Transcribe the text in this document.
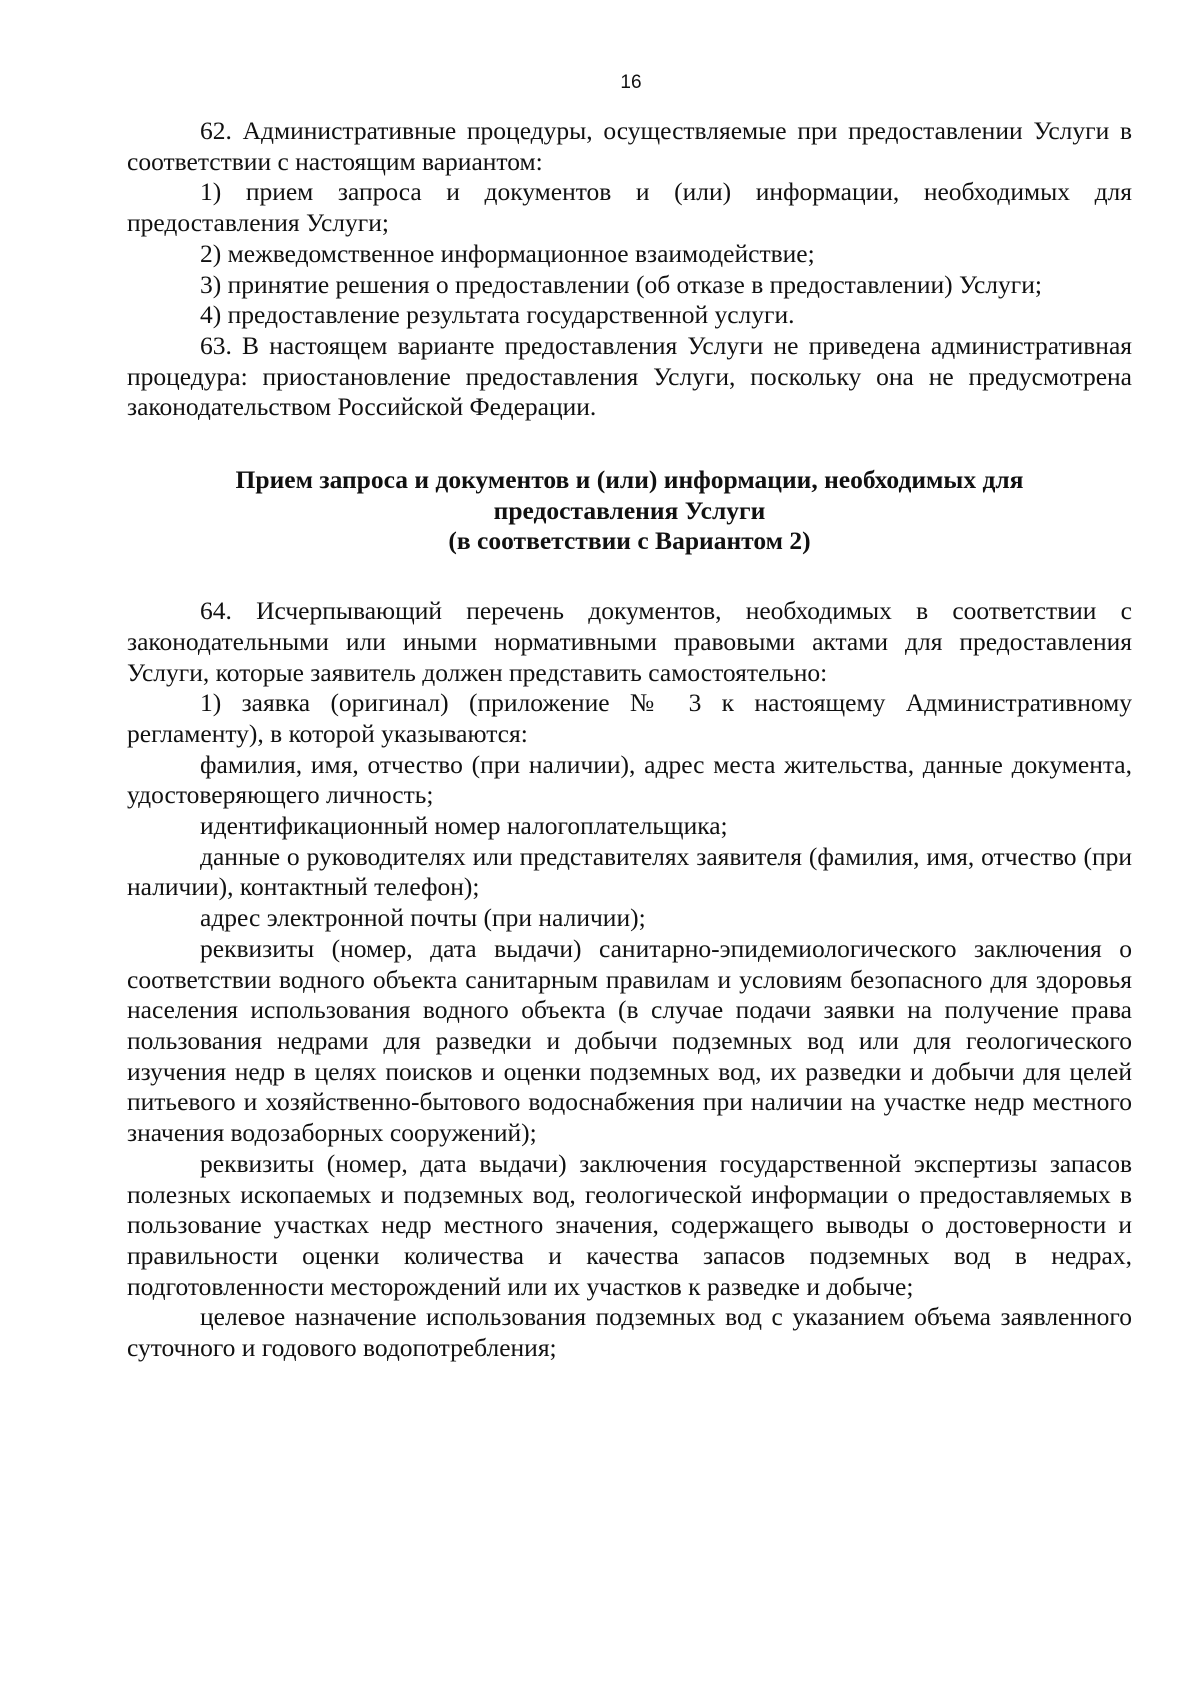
16

62. Административные процедуры, осуществляемые при предоставлении Услуги в соответствии с настоящим вариантом:

1) прием запроса и документов и (или) информации, необходимых для предоставления Услуги;

2) межведомственное информационное взаимодействие;

3) принятие решения о предоставлении (об отказе в предоставлении) Услуги;

4) предоставление результата государственной услуги.

63. В настоящем варианте предоставления Услуги не приведена административная процедура: приостановление предоставления Услуги, поскольку она не предусмотрена законодательством Российской Федерации.

Прием запроса и документов и (или) информации, необходимых для
предоставления Услуги
(в соответствии с Вариантом 2)

64. Исчерпывающий перечень документов, необходимых в соответствии с законодательными или иными нормативными правовыми актами для предоставления Услуги, которые заявитель должен представить самостоятельно:

1) заявка (оригинал) (приложение № 3 к настоящему Административному регламенту), в которой указываются:

фамилия, имя, отчество (при наличии), адрес места жительства, данные документа, удостоверяющего личность;

идентификационный номер налогоплательщика;

данные о руководителях или представителях заявителя (фамилия, имя, отчество (при наличии), контактный телефон);

адрес электронной почты (при наличии);

реквизиты (номер, дата выдачи) санитарно-эпидемиологического заключения о соответствии водного объекта санитарным правилам и условиям безопасного для здоровья населения использования водного объекта (в случае подачи заявки на получение права пользования недрами для разведки и добычи подземных вод или для геологического изучения недр в целях поисков и оценки подземных вод, их разведки и добычи для целей питьевого и хозяйственно-бытового водоснабжения при наличии на участке недр местного значения водозаборных сооружений);

реквизиты (номер, дата выдачи) заключения государственной экспертизы запасов полезных ископаемых и подземных вод, геологической информации о предоставляемых в пользование участках недр местного значения, содержащего выводы о достоверности и правильности оценки количества и качества запасов подземных вод в недрах, подготовленности месторождений или их участков к разведке и добыче;

целевое назначение использования подземных вод с указанием объема заявленного суточного и годового водопотребления;
